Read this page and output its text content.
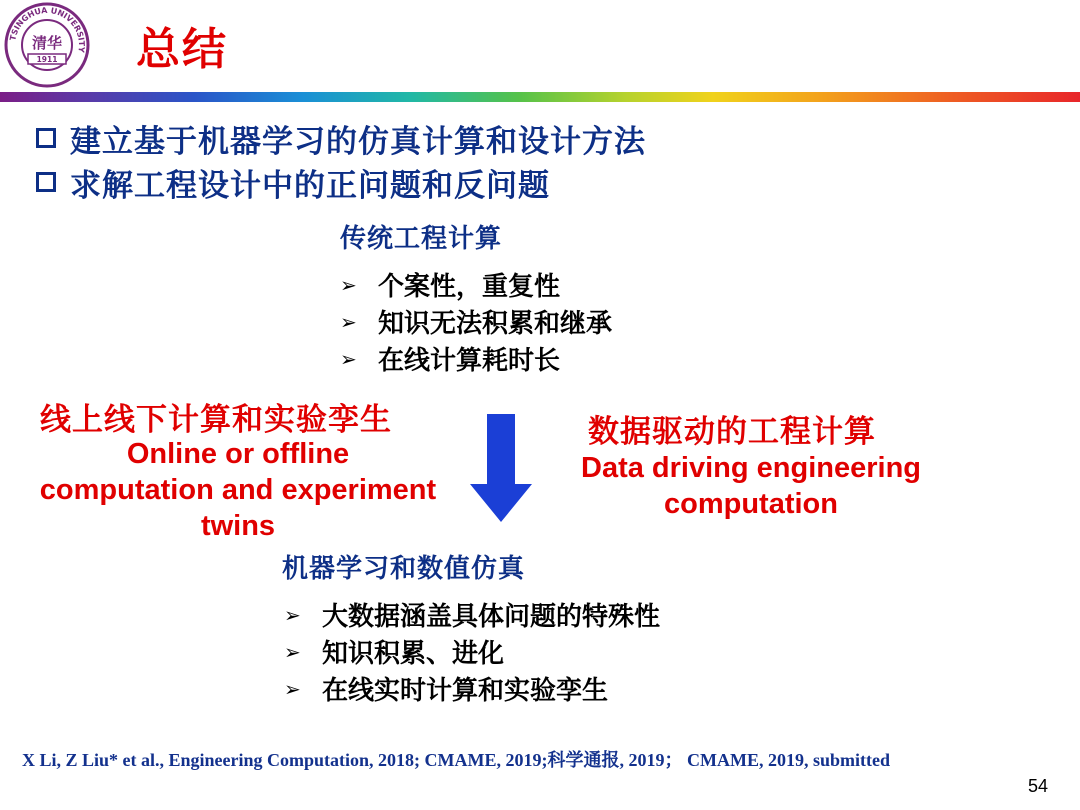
TSINGHUA UNIVERSITY
清华
1911 总结
建立基于机器学习的仿真计算和设计方法
求解工程设计中的正问题和反问题
传统工程计算
➢ 个案性，重复性
➢ 知识无法积累和继承
➢ 在线计算耗时长
线上线下计算和实验孪生
Online or offline
computation and experiment
twins
数据驱动的工程计算
Data driving engineering
computation
机器学习和数值仿真
➢ 大数据涵盖具体问题的特殊性
➢ 知识积累、进化
➢ 在线实时计算和实验孪生
X Li, Z Liu* et al., Engineering Computation, 2018; CMAME, 2019;科学通报, 2019； CMAME, 2019, submitted
54
